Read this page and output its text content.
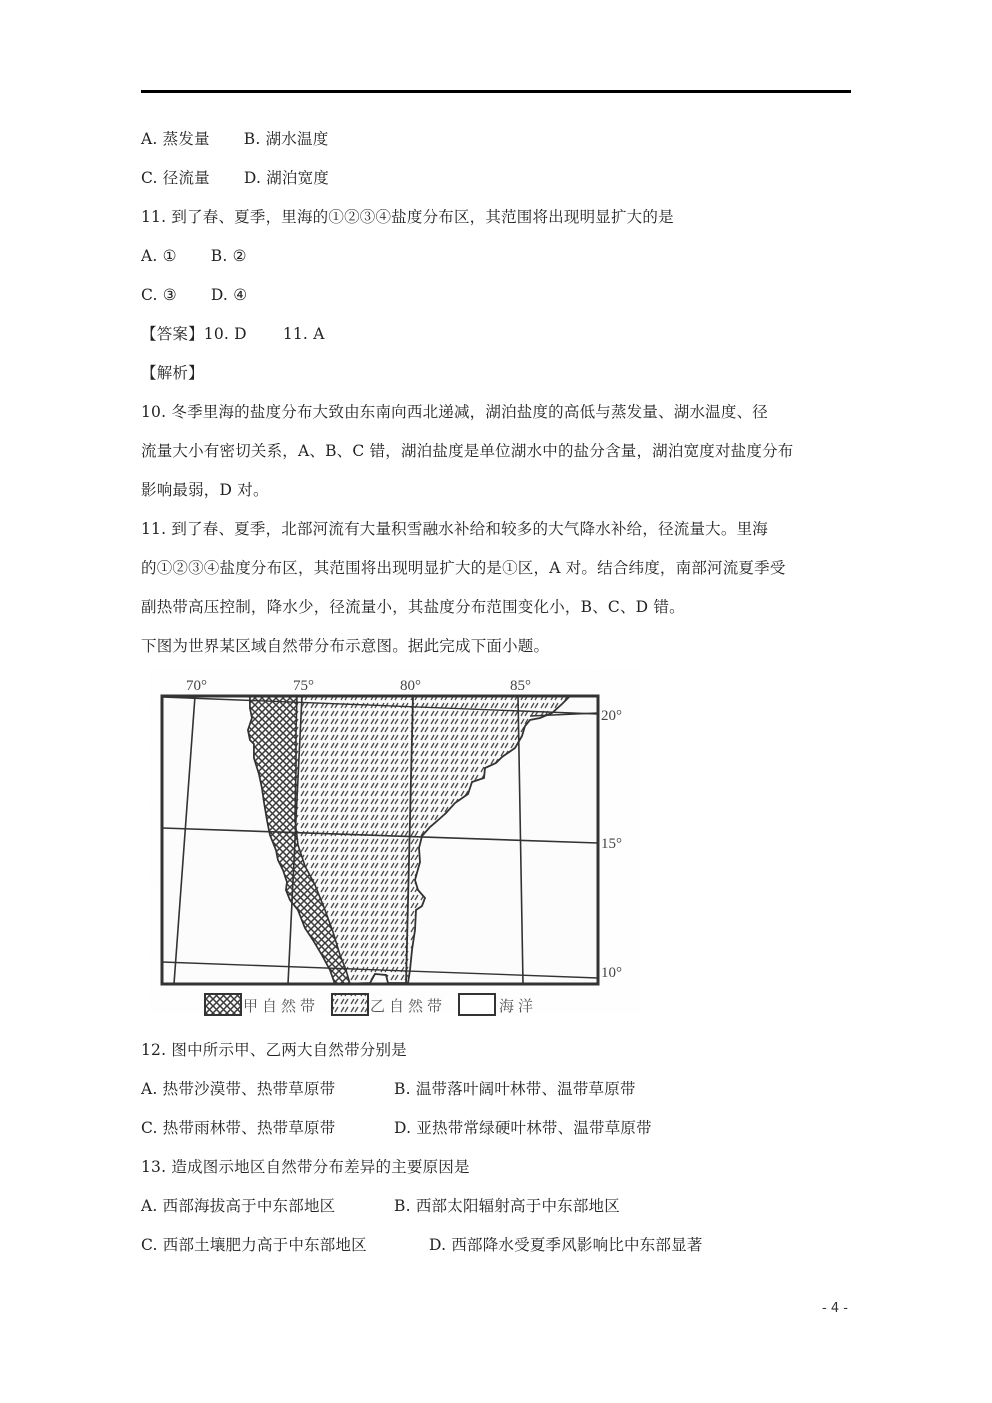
A. 蒸发量 B. 湖水温度
C. 径流量 D. 湖泊宽度
11. 到了春、夏季，里海的①②③④盐度分布区，其范围将出现明显扩大的是
A. ① B. ②
C. ③ D. ④
【答案】10. D 11. A
【解析】
10. 冬季里海的盐度分布大致由东南向西北递减，湖泊盐度的高低与蒸发量、湖水温度、径
流量大小有密切关系，A、B、C 错，湖泊盐度是单位湖水中的盐分含量，湖泊宽度对盐度分布
影响最弱，D 对。
11. 到了春、夏季，北部河流有大量积雪融水补给和较多的大气降水补给，径流量大。里海
的①②③④盐度分布区，其范围将出现明显扩大的是①区，A 对。结合纬度，南部河流夏季受
副热带高压控制，降水少，径流量小，其盐度分布范围变化小，B、C、D 错。
下图为世界某区域自然带分布示意图。据此完成下面小题。
70°	75°	80°	85°
20°
15°
10°
甲自然带	乙自然带	海洋
12. 图中所示甲、乙两大自然带分别是
A. 热带沙漠带、热带草原带	B. 温带落叶阔叶林带、温带草原带
C. 热带雨林带、热带草原带	D. 亚热带常绿硬叶林带、温带草原带
13. 造成图示地区自然带分布差异的主要原因是
A. 西部海拔高于中东部地区	B. 西部太阳辐射高于中东部地区
C. 西部土壤肥力高于中东部地区	D. 西部降水受夏季风影响比中东部显著
- 4 -
